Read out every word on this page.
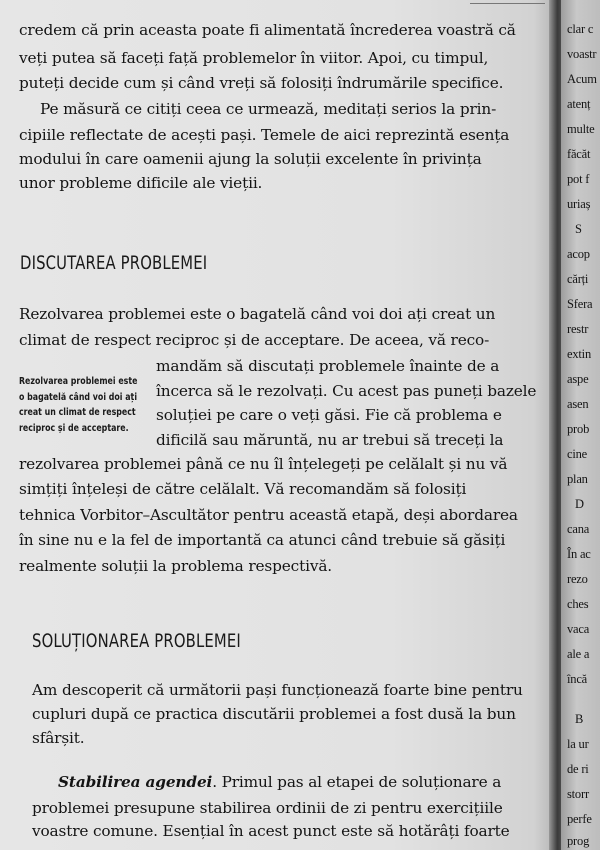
credem că prin aceasta poate fi alimentată încrederea voastră că
veți putea să faceți față problemelor în viitor. Apoi, cu timpul,
puteți decide cum și când vreți să folosiți îndrumările specifice.
Pe măsură ce citiți ceea ce urmează, meditați serios la prin-
cipiile reflectate de acești pași. Temele de aici reprezintă esența
modului în care oamenii ajung la soluții excelente în privința
unor probleme dificile ale vieții.
DISCUTAREA PROBLEMEI
Rezolvarea problemei este o bagatelă când voi doi ați creat un
climat de respect reciproc și de acceptare. De aceea, vă reco-
mandăm să discutați problemele înainte de a
încerca să le rezolvați. Cu acest pas puneți bazele
soluției pe care o veți găsi. Fie că problema e
dificilă sau măruntă, nu ar trebui să treceți la
rezolvarea problemei până ce nu îl înțelegeți pe celălalt și nu vă
simțiți înțeleși de către celălalt. Vă recomandăm să folosiți
tehnica Vorbitor–Ascultător pentru această etapă, deși abordarea
în sine nu e la fel de importantă ca atunci când trebuie să găsiți
realmente soluții la problema respectivă.
Rezolvarea problemei este
o bagatelă când voi doi ați
creat un climat de respect
reciproc și de acceptare.
SOLUȚIONAREA PROBLEMEI
Am descoperit că următorii pași funcționează foarte bine pentru
cupluri după ce practica discutării problemei a fost dusă la bun
sfârșit.
Stabilirea agendei. Primul pas al etapei de soluționare a
problemei presupune stabilirea ordinii de zi pentru exercițiile
voastre comune. Esențial în acest punct este să hotărâți foarte
clar c
voastr
Acum
atenț
multe
făcăt
pot f
uriaș
S
acop
cărți
Sfera
restr
extin
aspe
asen
prob
cine
plan
D
cana
În ac
rezo
ches
vaca
ale a
încă
B
la ur
de ri
storr
perfe
prog
